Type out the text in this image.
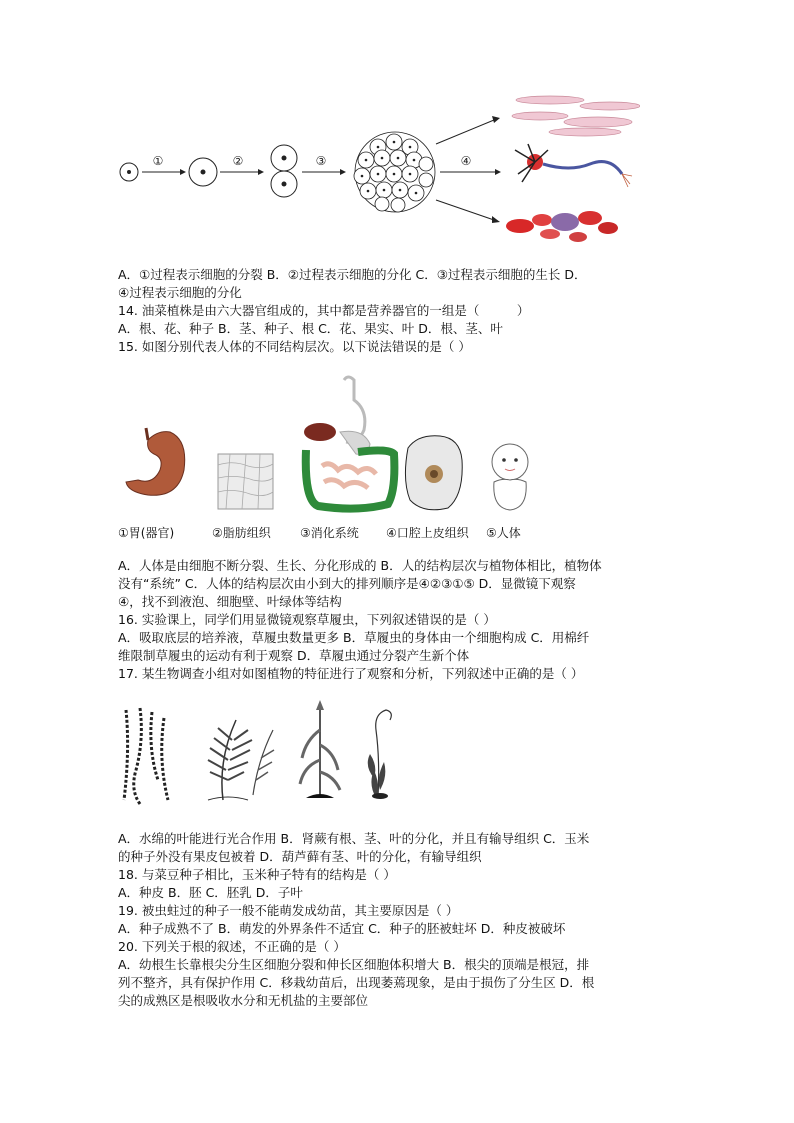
①	②	③	④
A．①过程表示细胞的分裂 B．②过程表示细胞的分化 C．③过程表示细胞的生长 D．
④过程表示细胞的分化
14. 油菜植株是由六大器官组成的，其中都是营养器官的一组是（　　　）
A．根、花、种子 B．茎、种子、根 C．花、果实、叶 D．根、茎、叶
15. 如图分别代表人体的不同结构层次。以下说法错误的是（ ）
①胃(器官)	②脂肪组织 ③消化系统 ④口腔上皮组织 ⑤人体
A．人体是由细胞不断分裂、生长、分化形成的 B．人的结构层次与植物体相比，植物体
没有“系统” C．人体的结构层次由小到大的排列顺序是④②③①⑤ D．显微镜下观察
④，找不到液泡、细胞壁、叶绿体等结构
16. 实验课上，同学们用显微镜观察草履虫，下列叙述错误的是（ ）
A．吸取底层的培养液，草履虫数量更多 B．草履虫的身体由一个细胞构成 C．用棉纤
维限制草履虫的运动有利于观察 D．草履虫通过分裂产生新个体
17. 某生物调查小组对如图植物的特征进行了观察和分析，下列叙述中正确的是（ ）
A．水绵的叶能进行光合作用 B．肾蕨有根、茎、叶的分化，并且有输导组织 C．玉米
的种子外没有果皮包被着 D．葫芦藓有茎、叶的分化，有输导组织
18. 与菜豆种子相比，玉米种子特有的结构是（ ）
A．种皮 B．胚 C．胚乳 D．子叶
19. 被虫蛀过的种子一般不能萌发成幼苗，其主要原因是（ ）
A．种子成熟不了 B．萌发的外界条件不适宜 C．种子的胚被蛀坏 D．种皮被破坏
20. 下列关于根的叙述，不正确的是（ ）
A．幼根生长靠根尖分生区细胞分裂和伸长区细胞体积增大 B．根尖的顶端是根冠，排
列不整齐，具有保护作用 C．移栽幼苗后，出现萎蔫现象，是由于损伤了分生区 D．根
尖的成熟区是根吸收水分和无机盐的主要部位
